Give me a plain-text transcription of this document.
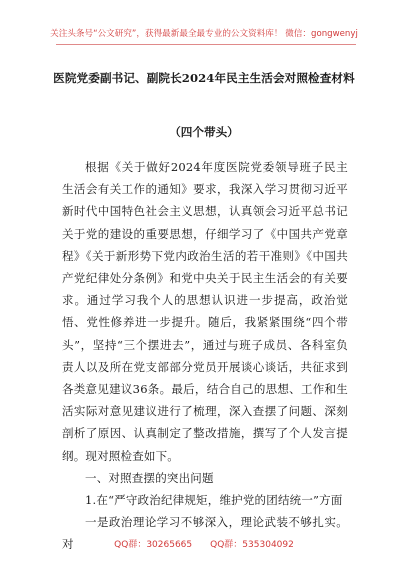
关注头条号“公文研究”，获得最新最全最专业的公文资料库！ 微信：gongwenyj
医院党委副书记、副院长2024年民主生活会对照检查材料
（四个带头）

根据《关于做好2024年度医院党委领导班子民主生活会有关工作的通知》要求，我深入学习贯彻习近平新时代中国特色社会主义思想，认真领会习近平总书记关于党的建设的重要思想，仔细学习了《中国共产党章程》《关于新形势下党内政治生活的若干准则》《中国共产党纪律处分条例》和党中央关于民主生活会的有关要求。通过学习我个人的思想认识进一步提高，政治觉悟、党性修养进一步提升。随后，我紧紧围绕“四个带头”，坚持“三个摆进去”，通过与班子成员、各科室负责人以及所在党支部部分党员开展谈心谈话，共征求到各类意见建议36条。最后，结合自己的思想、工作和生活实际对意见建议进行了梳理，深入查摆了问题、深刻剖析了原因、认真制定了整改措施，撰写了个人发言提纲。现对照检查如下。

一、对照查摆的突出问题

1.在“严守政治纪律规矩，维护党的团结统一”方面

一是政治理论学习不够深入，理论武装不够扎实。对	QQ群：30265665 QQ群：535304092
